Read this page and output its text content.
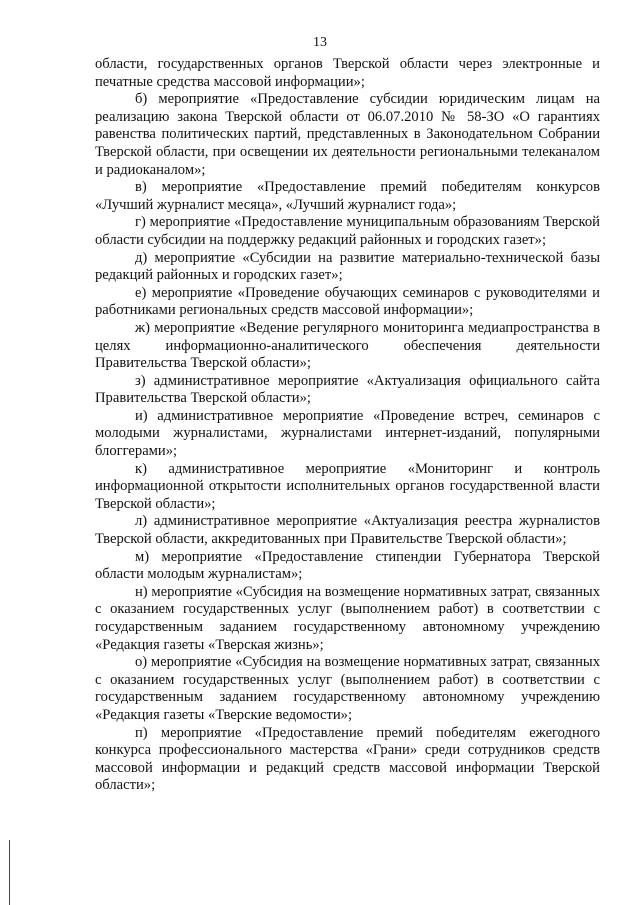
13

области, государственных органов Тверской области через электронные и печатные средства массовой информации»;

б) мероприятие «Предоставление субсидии юридическим лицам на реализацию закона Тверской области от 06.07.2010 № 58-ЗО «О гарантиях равенства политических партий, представленных в Законодательном Собрании Тверской области, при освещении их деятельности региональными телеканалом и радиоканалом»;

в) мероприятие «Предоставление премий победителям конкурсов «Лучший журналист месяца», «Лучший журналист года»;

г) мероприятие «Предоставление муниципальным образованиям Тверской области субсидии на поддержку редакций районных и городских газет»;

д) мероприятие «Субсидии на развитие материально-технической базы редакций районных и городских газет»;

е) мероприятие «Проведение обучающих семинаров с руководителями и работниками региональных средств массовой информации»;

ж) мероприятие «Ведение регулярного мониторинга медиапространства в целях информационно-аналитического обеспечения деятельности Правительства Тверской области»;

з) административное мероприятие «Актуализация официального сайта Правительства Тверской области»;

и) административное мероприятие «Проведение встреч, семинаров с молодыми журналистами, журналистами интернет-изданий, популярными блоггерами»;

к) административное мероприятие «Мониторинг и контроль информационной открытости исполнительных органов государственной власти Тверской области»;

л) административное мероприятие «Актуализация реестра журналистов Тверской области, аккредитованных при Правительстве Тверской области»;

м) мероприятие «Предоставление стипендии Губернатора Тверской области молодым журналистам»;

н) мероприятие «Субсидия на возмещение нормативных затрат, связанных с оказанием государственных услуг (выполнением работ) в соответствии с государственным заданием государственному автономному учреждению «Редакция газеты «Тверская жизнь»;

о) мероприятие «Субсидия на возмещение нормативных затрат, связанных с оказанием государственных услуг (выполнением работ) в соответствии с государственным заданием государственному автономному учреждению «Редакция газеты «Тверские ведомости»;

п) мероприятие «Предоставление премий победителям ежегодного конкурса профессионального мастерства «Грани» среди сотрудников средств массовой информации и редакций средств массовой информации Тверской области»;
